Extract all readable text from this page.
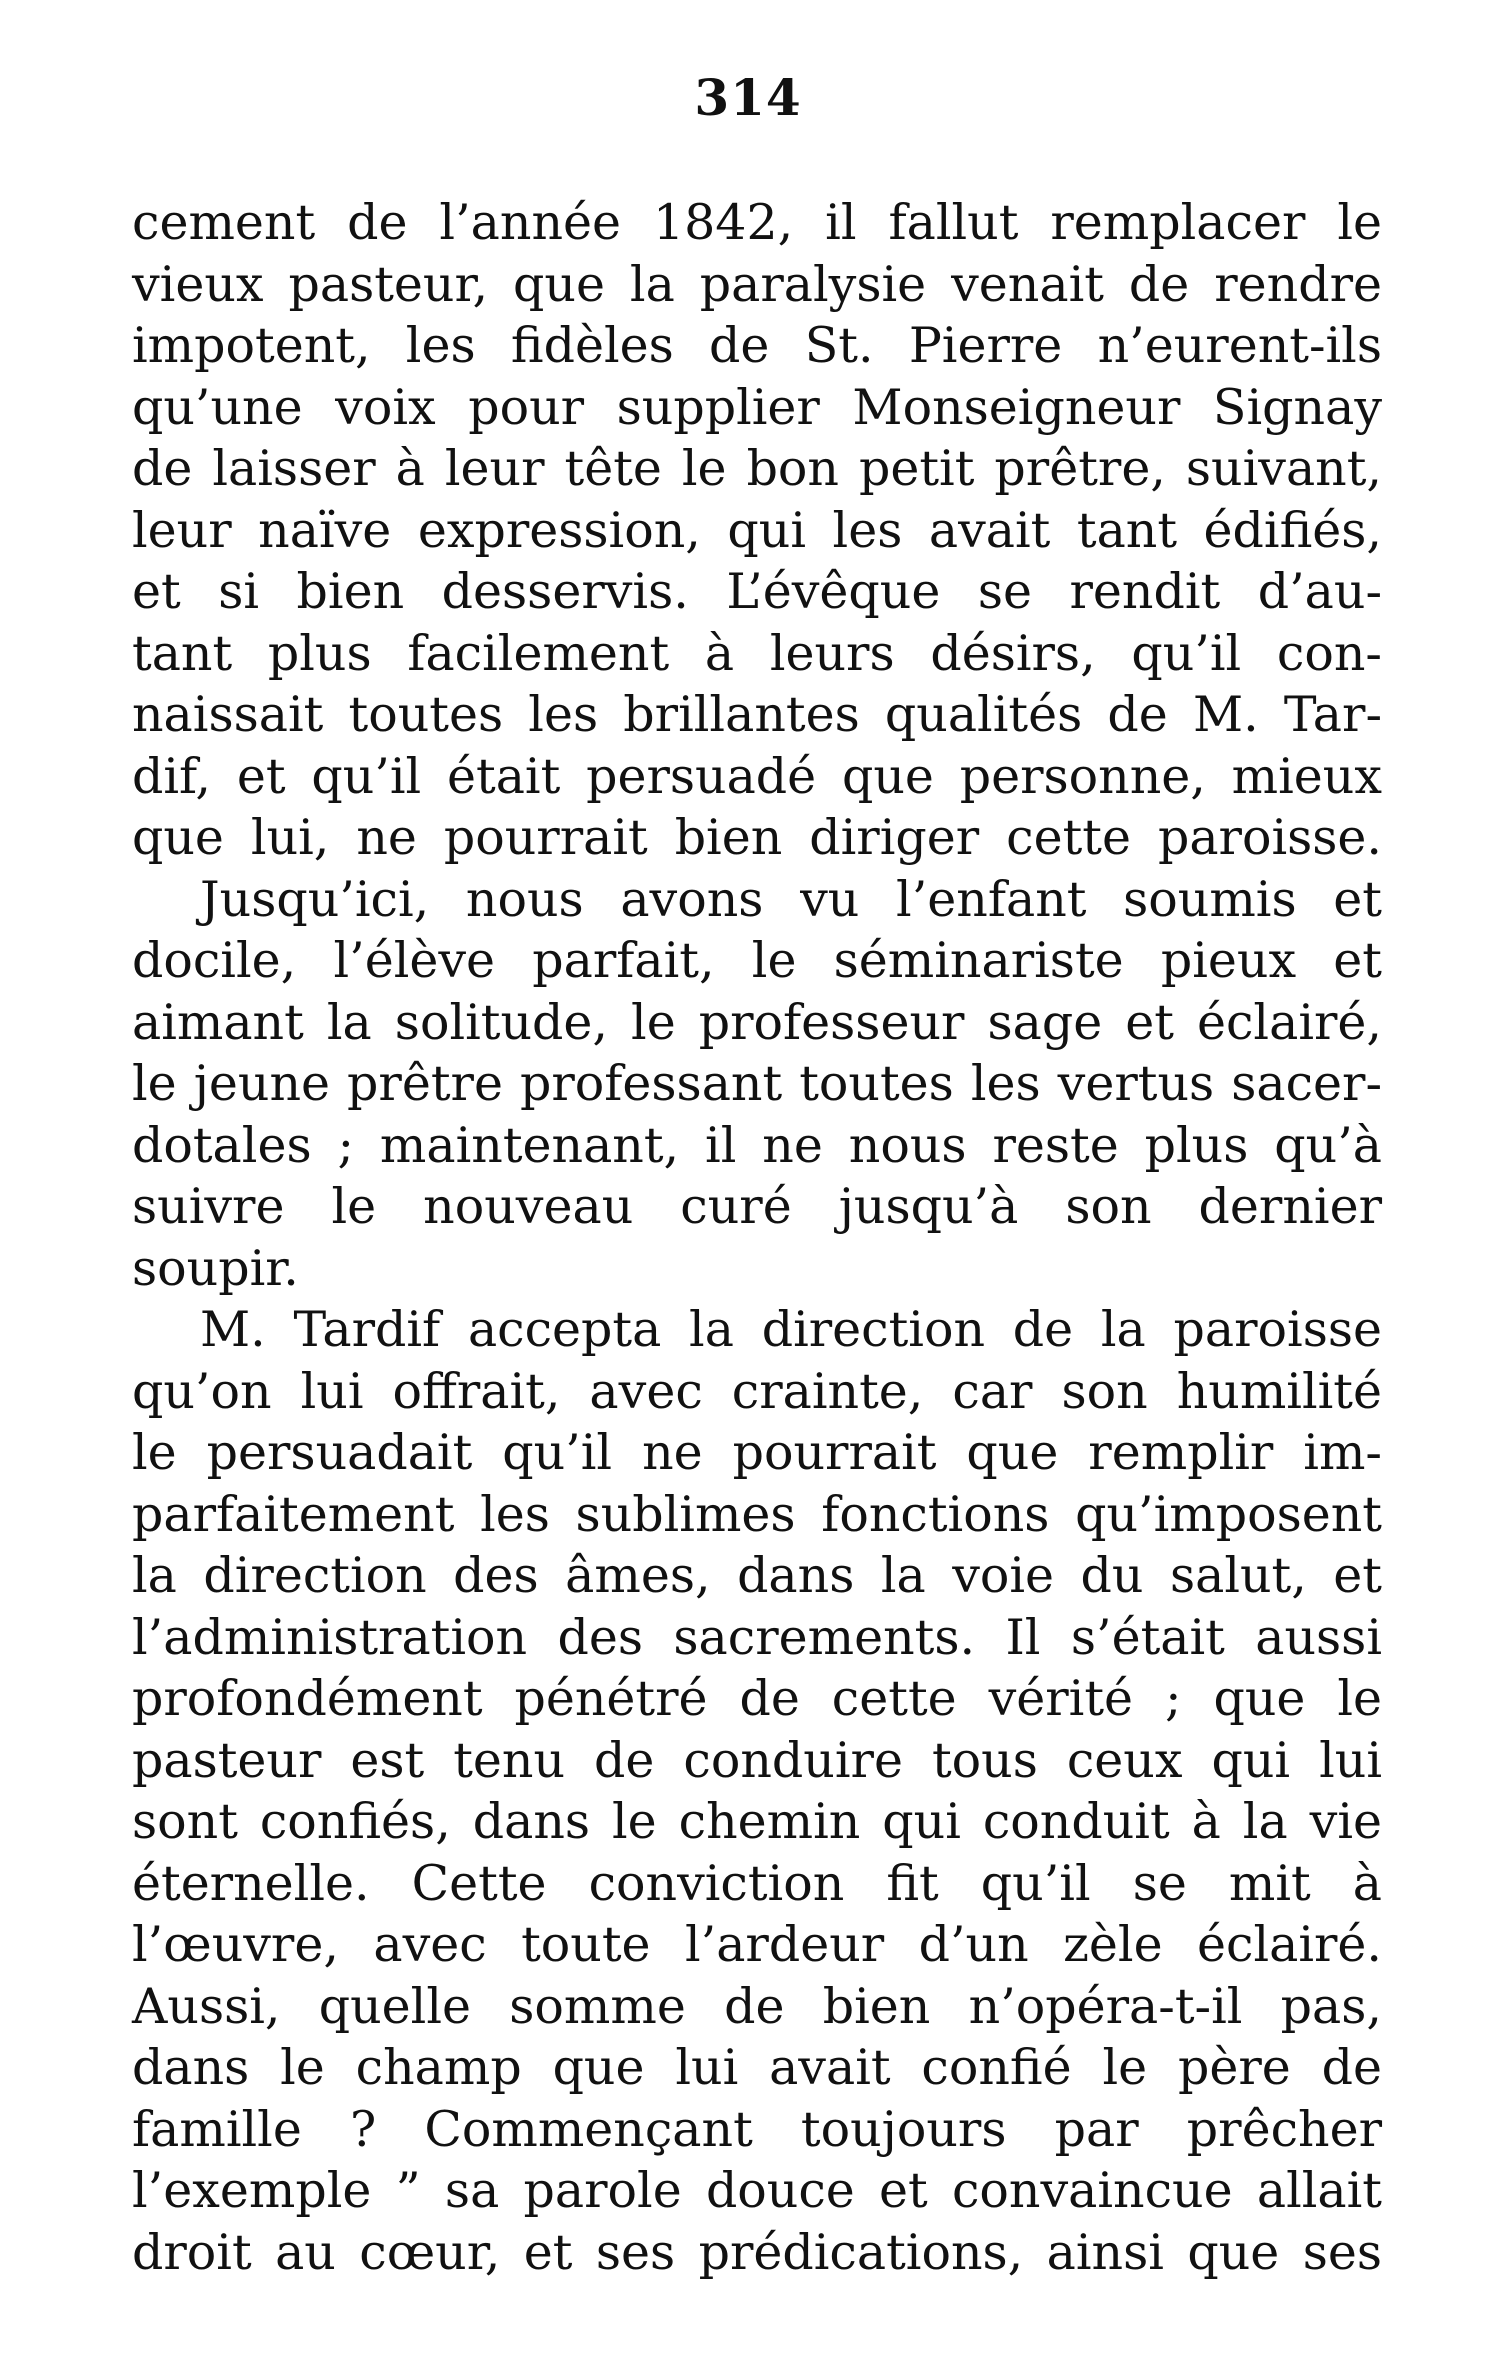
314
cement de l’année 1842, il fallut remplacer le
vieux pasteur, que la paralysie venait de rendre
impotent, les fidèles de St. Pierre n’eurent-ils
qu’une voix pour supplier Monseigneur Signay
de laisser à leur tête le bon petit prêtre, suivant,
leur naïve expression, qui les avait tant édifiés,
et si bien desservis. L’évêque se rendit d’au-
tant plus facilement à leurs désirs, qu’il con-
naissait toutes les brillantes qualités de M. Tar-
dif, et qu’il était persuadé que personne, mieux
que lui, ne pourrait bien diriger cette paroisse.
Jusqu’ici, nous avons vu l’enfant soumis et
docile, l’élève parfait, le séminariste pieux et
aimant la solitude, le professeur sage et éclairé,
le jeune prêtre professant toutes les vertus sacer-
dotales ; maintenant, il ne nous reste plus qu’à
suivre le nouveau curé jusqu’à son dernier
soupir.
M. Tardif accepta la direction de la paroisse
qu’on lui offrait, avec crainte, car son humilité
le persuadait qu’il ne pourrait que remplir im-
parfaitement les sublimes fonctions qu’imposent
la direction des âmes, dans la voie du salut, et
l’administration des sacrements. Il s’était aussi
profondément pénétré de cette vérité ; que le
pasteur est tenu de conduire tous ceux qui lui
sont confiés, dans le chemin qui conduit à la vie
éternelle. Cette conviction fit qu’il se mit à
l’œuvre, avec toute l’ardeur d’un zèle éclairé.
Aussi, quelle somme de bien n’opéra-t-il pas,
dans le champ que lui avait confié le père de
famille ? Commençant toujours par prêcher
l’exemple ” sa parole douce et convaincue allait
droit au cœur, et ses prédications, ainsi que ses
